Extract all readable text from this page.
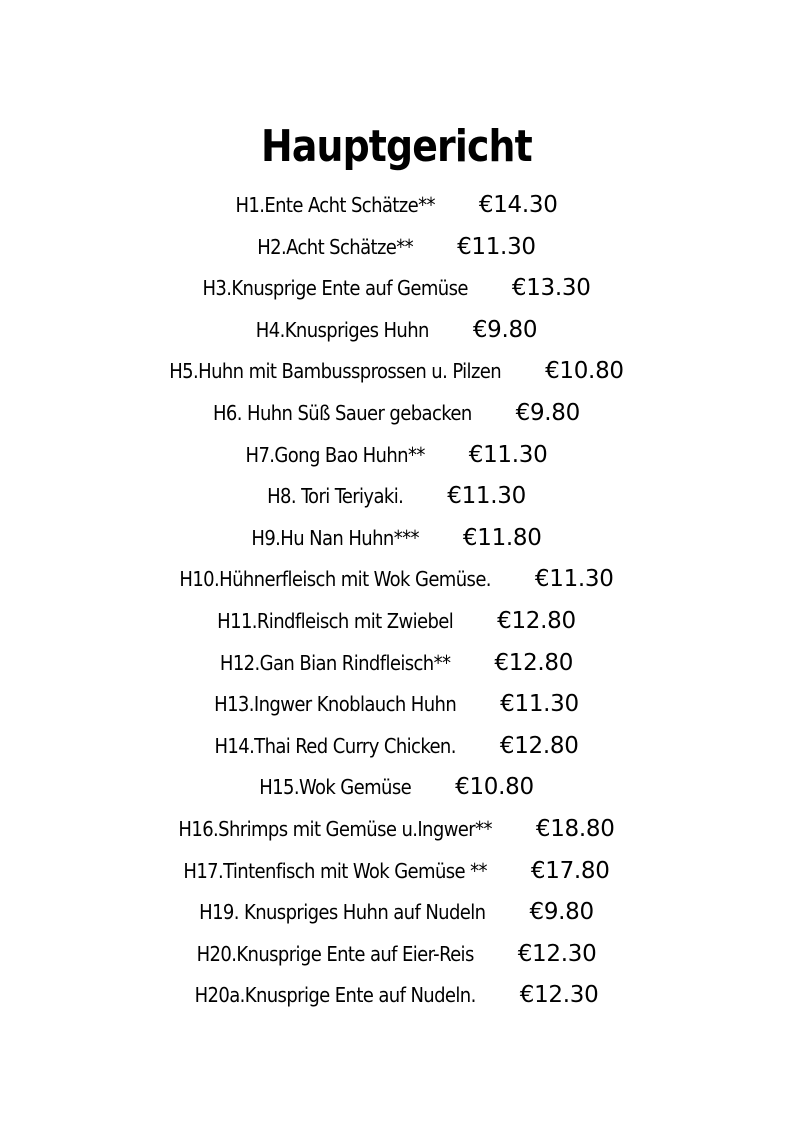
Hauptgericht
H1.Ente Acht Schätze** €14.30
H2.Acht Schätze** €11.30
H3.Knusprige Ente auf Gemüse €13.30
H4.Knuspriges Huhn €9.80
H5.Huhn mit Bambussprossen u. Pilzen €10.80
H6. Huhn Süß Sauer gebacken €9.80
H7.Gong Bao Huhn** €11.30
H8. Tori Teriyaki. €11.30
H9.Hu Nan Huhn*** €11.80
H10.Hühnerfleisch mit Wok Gemüse. €11.30
H11.Rindfleisch mit Zwiebel €12.80
H12.Gan Bian Rindfleisch** €12.80
H13.Ingwer Knoblauch Huhn €11.30
H14.Thai Red Curry Chicken. €12.80
H15.Wok Gemüse €10.80
H16.Shrimps mit Gemüse u.Ingwer** €18.80
H17.Tintenfisch mit Wok Gemüse ** €17.80
H19. Knuspriges Huhn auf Nudeln €9.80
H20.Knusprige Ente auf Eier-Reis €12.30
H20a.Knusprige Ente auf Nudeln. €12.30
